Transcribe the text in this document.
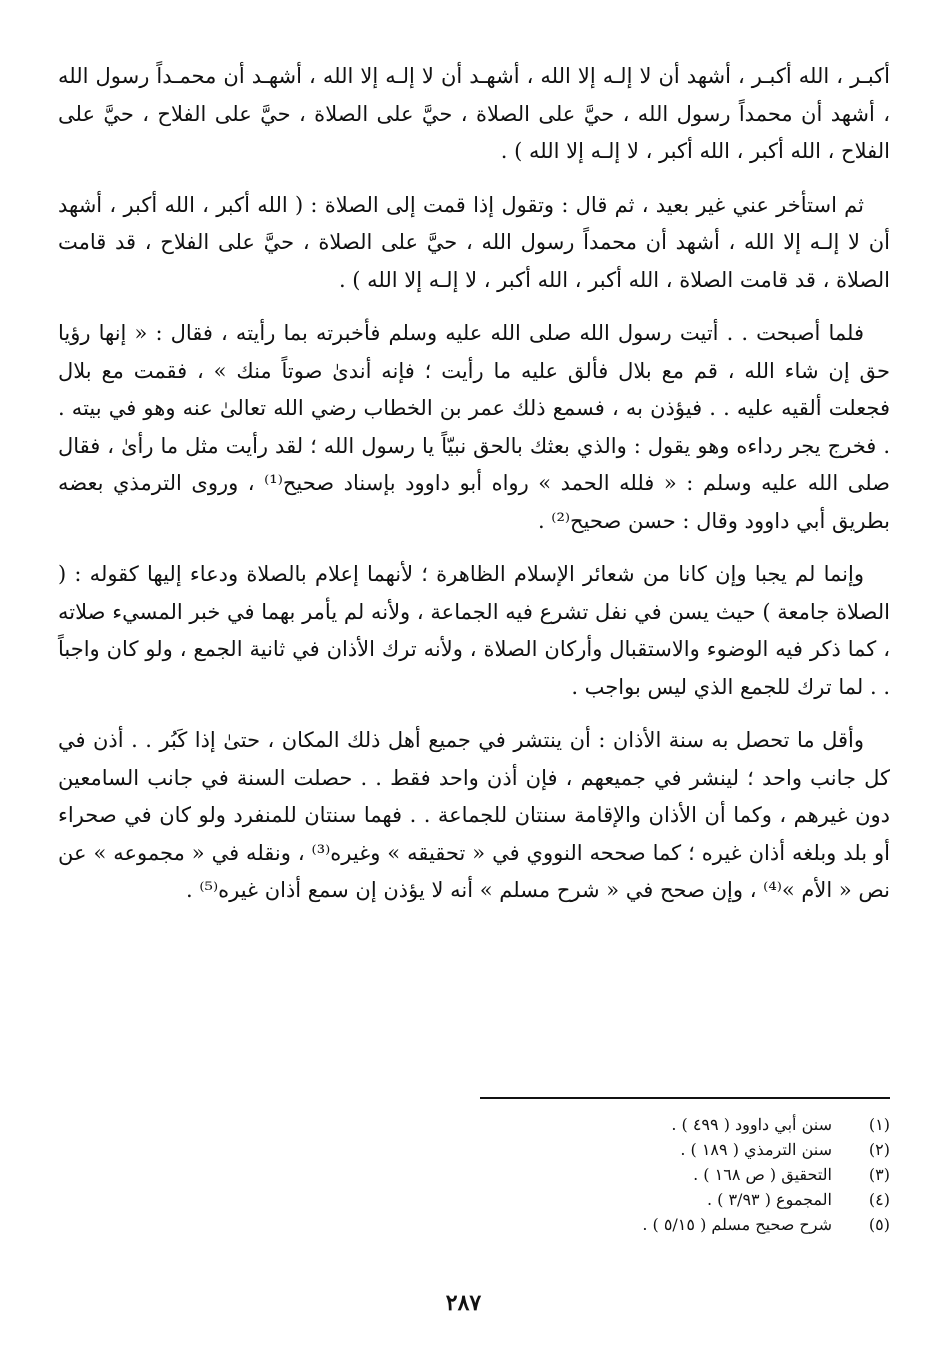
أكبـر ، الله أكبـر ، أشهد أن لا إلـه إلا الله ، أشهـد أن لا إلـه إلا الله ، أشهـد أن محمـداً رسول الله ، أشهد أن محمداً رسول الله ، حيَّ على الصلاة ، حيَّ على الصلاة ، حيَّ على الفلاح ، حيَّ على الفلاح ، الله أكبر ، الله أكبر ، لا إلـه إلا الله ) .

ثم استأخر عني غير بعيد ، ثم قال : وتقول إذا قمت إلى الصلاة : ( الله أكبر ، الله أكبر ، أشهد أن لا إلـه إلا الله ، أشهد أن محمداً رسول الله ، حيَّ على الصلاة ، حيَّ على الفلاح ، قد قامت الصلاة ، قد قامت الصلاة ، الله أكبر ، الله أكبر ، لا إلـه إلا الله ) .

فلما أصبحت . . أتيت رسول الله صلى الله عليه وسلم فأخبرته بما رأيته ، فقال : « إنها رؤيا حق إن شاء الله ، قم مع بلال فألق عليه ما رأيت ؛ فإنه أندىٰ صوتاً منك » ، فقمت مع بلال فجعلت ألقيه عليه . . فيؤذن به ، فسمع ذلك عمر بن الخطاب رضي الله تعالىٰ عنه وهو في بيته . . فخرج يجر رداءه وهو يقول : والذي بعثك بالحق نبيّاً يا رسول الله ؛ لقد رأيت مثل ما رأىٰ ، فقال صلى الله عليه وسلم : « فلله الحمد » رواه أبو داوود بإسناد صحيح⁽¹⁾ ، وروى الترمذي بعضه بطريق أبي داوود وقال : حسن صحيح⁽²⁾ .

وإنما لم يجبا وإن كانا من شعائر الإسلام الظاهرة ؛ لأنهما إعلام بالصلاة ودعاء إليها كقوله : ( الصلاة جامعة ) حيث يسن في نفل تشرع فيه الجماعة ، ولأنه لم يأمر بهما في خبر المسيء صلاته ، كما ذكر فيه الوضوء والاستقبال وأركان الصلاة ، ولأنه ترك الأذان في ثانية الجمع ، ولو كان واجباً . . لما ترك للجمع الذي ليس بواجب .

وأقل ما تحصل به سنة الأذان : أن ينتشر في جميع أهل ذلك المكان ، حتىٰ إذا كَبُر . . أذن في كل جانب واحد ؛ لينشر في جميعهم ، فإن أذن واحد فقط . . حصلت السنة في جانب السامعين دون غيرهم ، وكما أن الأذان والإقامة سنتان للجماعة . . فهما سنتان للمنفرد ولو كان في صحراء أو بلد وبلغه أذان غيره ؛ كما صححه النووي في « تحقيقه » وغيره⁽³⁾ ، ونقله في « مجموعه » عن نص « الأم »⁽⁴⁾ ، وإن صحح في « شرح مسلم » أنه لا يؤذن إن سمع أذان غيره⁽⁵⁾ .

(١)سنن أبي داوود ( ٤٩٩ ) .
(٢)سنن الترمذي ( ١٨٩ ) .
(٣)التحقيق ( ص ١٦٨ ) .
(٤)المجموع ( ٣/٩٣ ) .
(٥)شرح صحيح مسلم ( ٥/١٥ ) .
٢٨٧
